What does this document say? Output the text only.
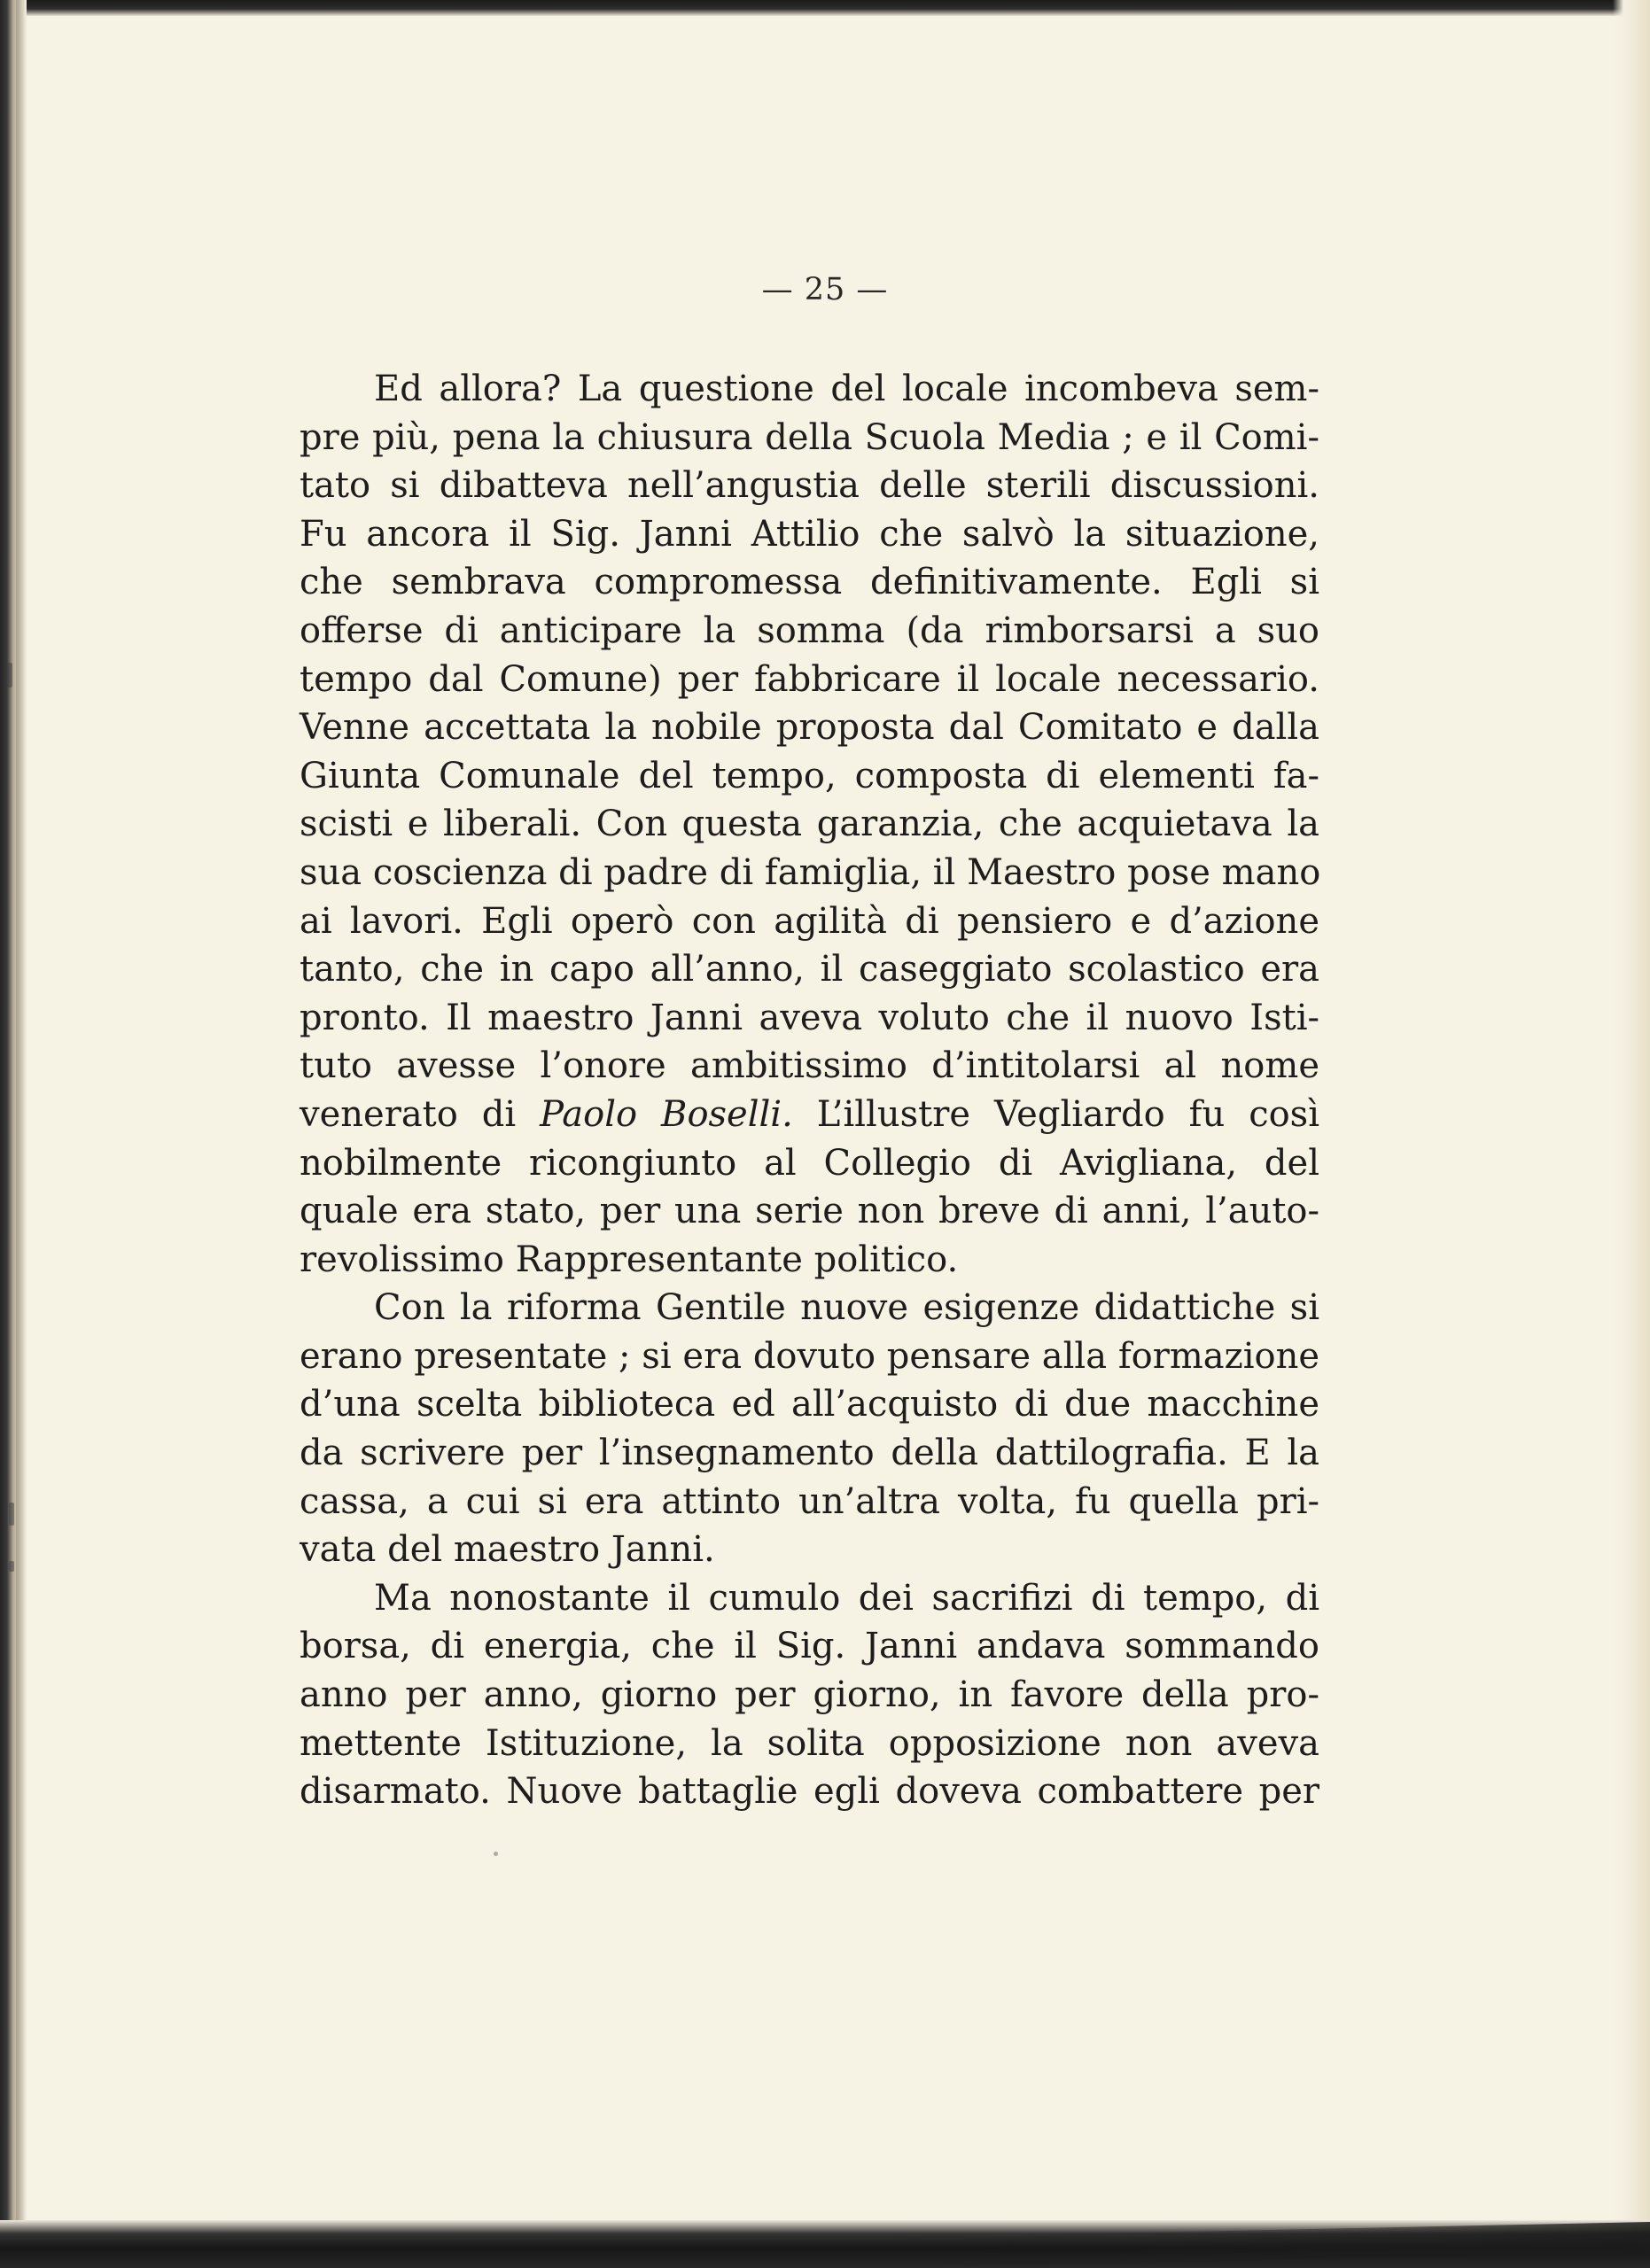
— 25 —
Ed allora? La questione del locale incombeva sem-
pre più, pena la chiusura della Scuola Media ; e il Comi-
tato si dibatteva nell’angustia delle sterili discussioni.
Fu ancora il Sig. Janni Attilio che salvò la situazione,
che sembrava compromessa definitivamente. Egli si
offerse di anticipare la somma (da rimborsarsi a suo
tempo dal Comune) per fabbricare il locale necessario.
Venne accettata la nobile proposta dal Comitato e dalla
Giunta Comunale del tempo, composta di elementi fa-
scisti e liberali. Con questa garanzia, che acquietava la
sua coscienza di padre di famiglia, il Maestro pose mano
ai lavori. Egli operò con agilità di pensiero e d’azione
tanto, che in capo all’anno, il caseggiato scolastico era
pronto. Il maestro Janni aveva voluto che il nuovo Isti-
tuto avesse l’onore ambitissimo d’intitolarsi al nome
venerato di Paolo Boselli. L’illustre Vegliardo fu così
nobilmente ricongiunto al Collegio di Avigliana, del
quale era stato, per una serie non breve di anni, l’auto-
revolissimo Rappresentante politico.
Con la riforma Gentile nuove esigenze didattiche si
erano presentate ; si era dovuto pensare alla formazione
d’una scelta biblioteca ed all’acquisto di due macchine
da scrivere per l’insegnamento della dattilografia. E la
cassa, a cui si era attinto un’altra volta, fu quella pri-
vata del maestro Janni.
Ma nonostante il cumulo dei sacrifizi di tempo, di
borsa, di energia, che il Sig. Janni andava sommando
anno per anno, giorno per giorno, in favore della pro-
mettente Istituzione, la solita opposizione non aveva
disarmato. Nuove battaglie egli doveva combattere per
